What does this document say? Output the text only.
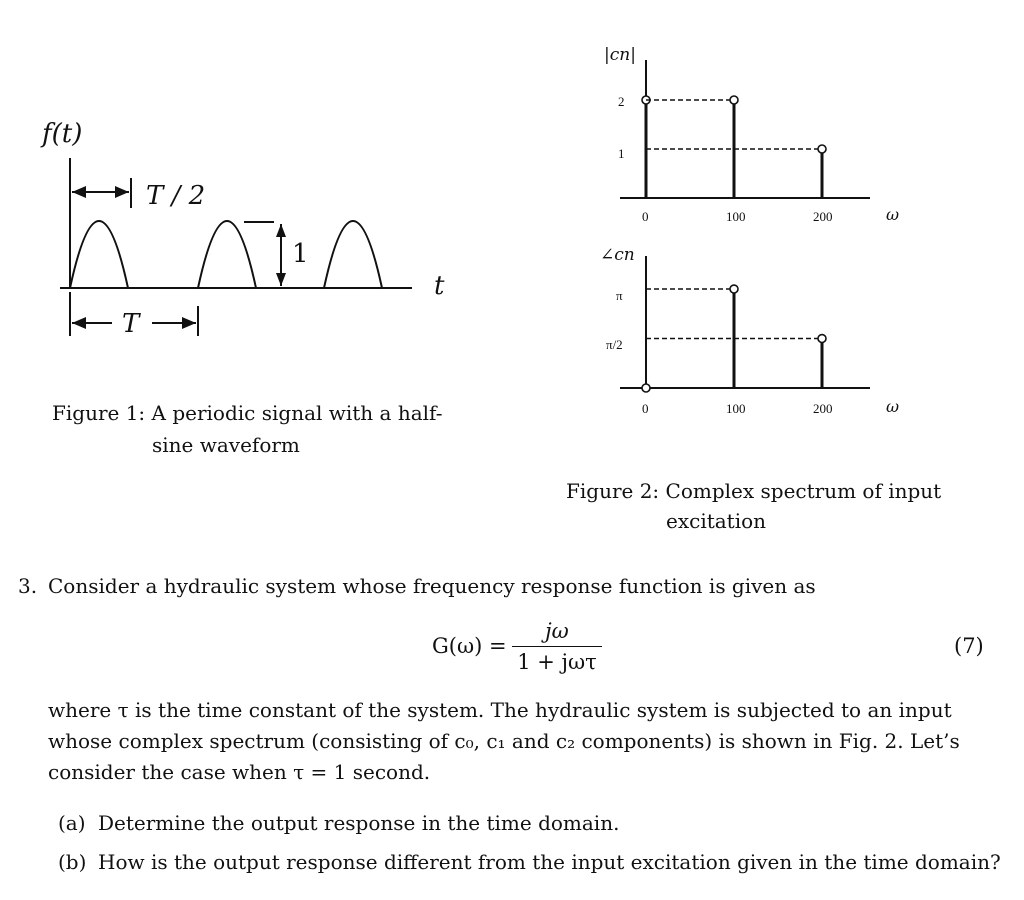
f(t)
T / 2
1
t
T
Figure 1: A periodic signal with a half-
sine waveform
|cn|
2
1
0	100	200	ω
∠cn
π
π/2
0	100	200	ω
Figure 2: Complex spectrum of input
excitation
3. Consider a hydraulic system whose frequency response function is given as
G(ω) =
jω
1 + jωτ
(7)
where τ is the time constant of the system. The hydraulic system is subjected to an input
whose complex spectrum (consisting of c₀, c₁ and c₂ components) is shown in Fig. 2. Let’s
consider the case when τ = 1 second.
(a) Determine the output response in the time domain.
(b) How is the output response different from the input excitation given in the time domain?
